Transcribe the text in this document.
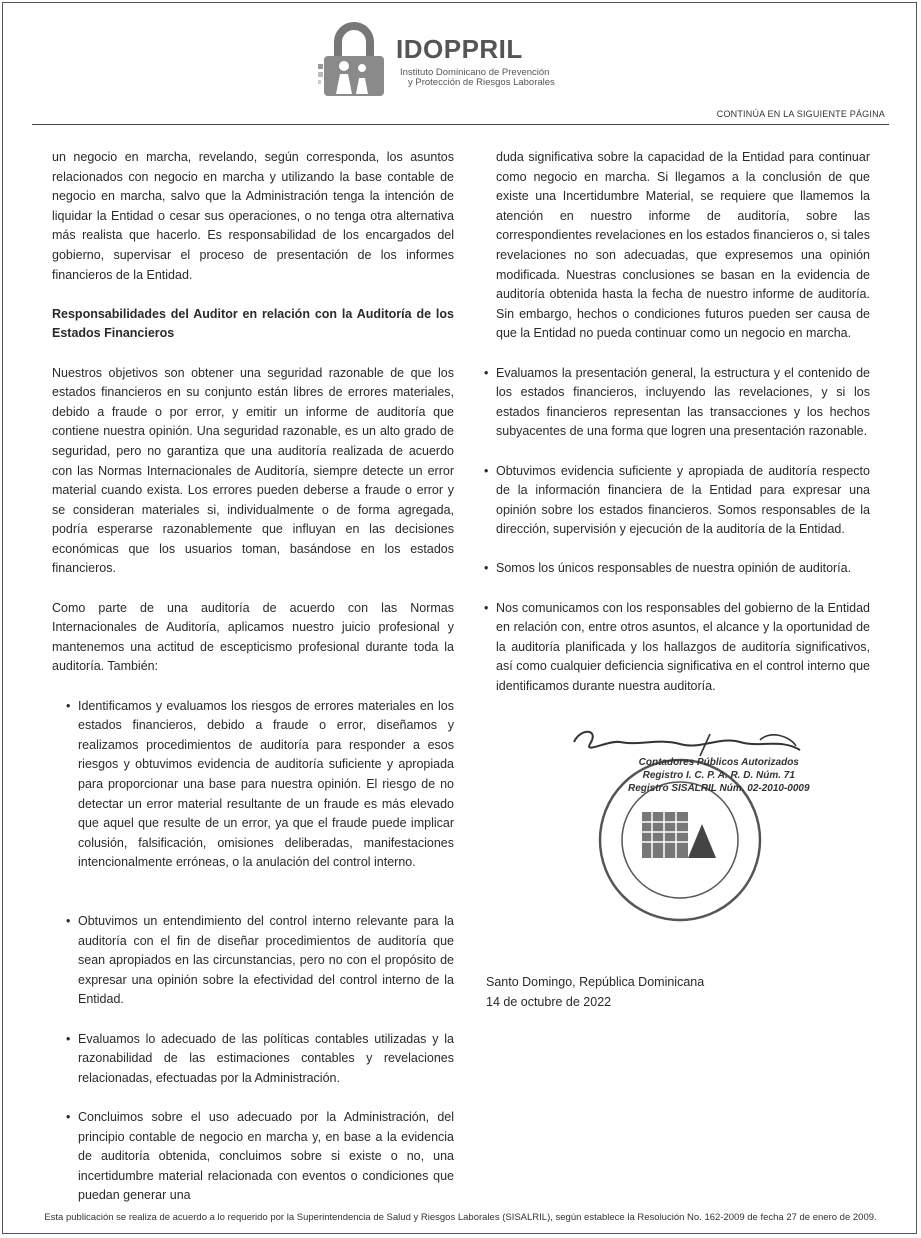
IDOPPRIL
Instituto Dominicano de Prevención
y Protección de Riesgos Laborales
CONTINÚA EN LA SIGUIENTE PÁGINA

un negocio en marcha, revelando, según corresponda, los asuntos relacionados con negocio en marcha y utilizando la base contable de negocio en marcha, salvo que la Administración tenga la intención de liquidar la Entidad o cesar sus operaciones, o no tenga otra alternativa más realista que hacerlo. Es responsabilidad de los encargados del gobierno, supervisar el proceso de presentación de los informes financieros de la Entidad.

Responsabilidades del Auditor en relación con la Auditoría de los Estados Financieros

Nuestros objetivos son obtener una seguridad razonable de que los estados financieros en su conjunto están libres de errores materiales, debido a fraude o por error, y emitir un informe de auditoría que contiene nuestra opinión. Una seguridad razonable, es un alto grado de seguridad, pero no garantiza que una auditoría realizada de acuerdo con las Normas Internacionales de Auditoría, siempre detecte un error material cuando exista. Los errores pueden deberse a fraude o error y se consideran materiales si, individualmente o de forma agregada, podría esperarse razonablemente que influyan en las decisiones económicas que los usuarios toman, basándose en los estados financieros.

Como parte de una auditoría de acuerdo con las Normas Internacionales de Auditoría, aplicamos nuestro juicio profesional y mantenemos una actitud de escepticismo profesional durante toda la auditoría. También:

• Identificamos y evaluamos los riesgos de errores materiales en los estados financieros, debido a fraude o error, diseñamos y realizamos procedimientos de auditoría para responder a esos riesgos y obtuvimos evidencia de auditoría suficiente y apropiada para proporcionar una base para nuestra opinión. El riesgo de no detectar un error material resultante de un fraude es más elevado que aquel que resulte de un error, ya que el fraude puede implicar colusión, falsificación, omisiones deliberadas, manifestaciones intencionalmente erróneas, o la anulación del control interno.
• Obtuvimos un entendimiento del control interno relevante para la auditoría con el fin de diseñar procedimientos de auditoría que sean apropiados en las circunstancias, pero no con el propósito de expresar una opinión sobre la efectividad del control interno de la Entidad.
• Evaluamos lo adecuado de las políticas contables utilizadas y la razonabilidad de las estimaciones contables y revelaciones relacionadas, efectuadas por la Administración.
• Concluimos sobre el uso adecuado por la Administración, del principio contable de negocio en marcha y, en base a la evidencia de auditoría obtenida, concluimos sobre si existe o no, una incertidumbre material relacionada con eventos o condiciones que puedan generar una

duda significativa sobre la capacidad de la Entidad para continuar como negocio en marcha. Si llegamos a la conclusión de que existe una Incertidumbre Material, se requiere que llamemos la atención en nuestro informe de auditoría, sobre las correspondientes revelaciones en los estados financieros o, si tales revelaciones no son adecuadas, que expresemos una opinión modificada. Nuestras conclusiones se basan en la evidencia de auditoría obtenida hasta la fecha de nuestro informe de auditoría. Sin embargo, hechos o condiciones futuros pueden ser causa de que la Entidad no pueda continuar como un negocio en marcha.

• Evaluamos la presentación general, la estructura y el contenido de los estados financieros, incluyendo las revelaciones, y si los estados financieros representan las transacciones y los hechos subyacentes de una forma que logren una presentación razonable.
• Obtuvimos evidencia suficiente y apropiada de auditoría respecto de la información financiera de la Entidad para expresar una opinión sobre los estados financieros. Somos responsables de la dirección, supervisión y ejecución de la auditoría de la Entidad.
• Somos los únicos responsables de nuestra opinión de auditoría.
• Nos comunicamos con los responsables del gobierno de la Entidad en relación con, entre otros asuntos, el alcance y la oportunidad de la auditoría planificada y los hallazgos de auditoría significativos, así como cualquier deficiencia significativa en el control interno que identificamos durante nuestra auditoría.
Contadores Públicos Autorizados
Registro I. C. P. A. R. D. Núm. 71
Registro SISALRIL Núm. 02-2010-0009
Santo Domingo, República Dominicana
14 de octubre de 2022
Esta publicación se realiza de acuerdo a lo requerido por la Superintendencia de Salud y Riesgos Laborales (SISALRIL), según establece la Resolución No. 162-2009 de fecha 27 de enero de 2009.
